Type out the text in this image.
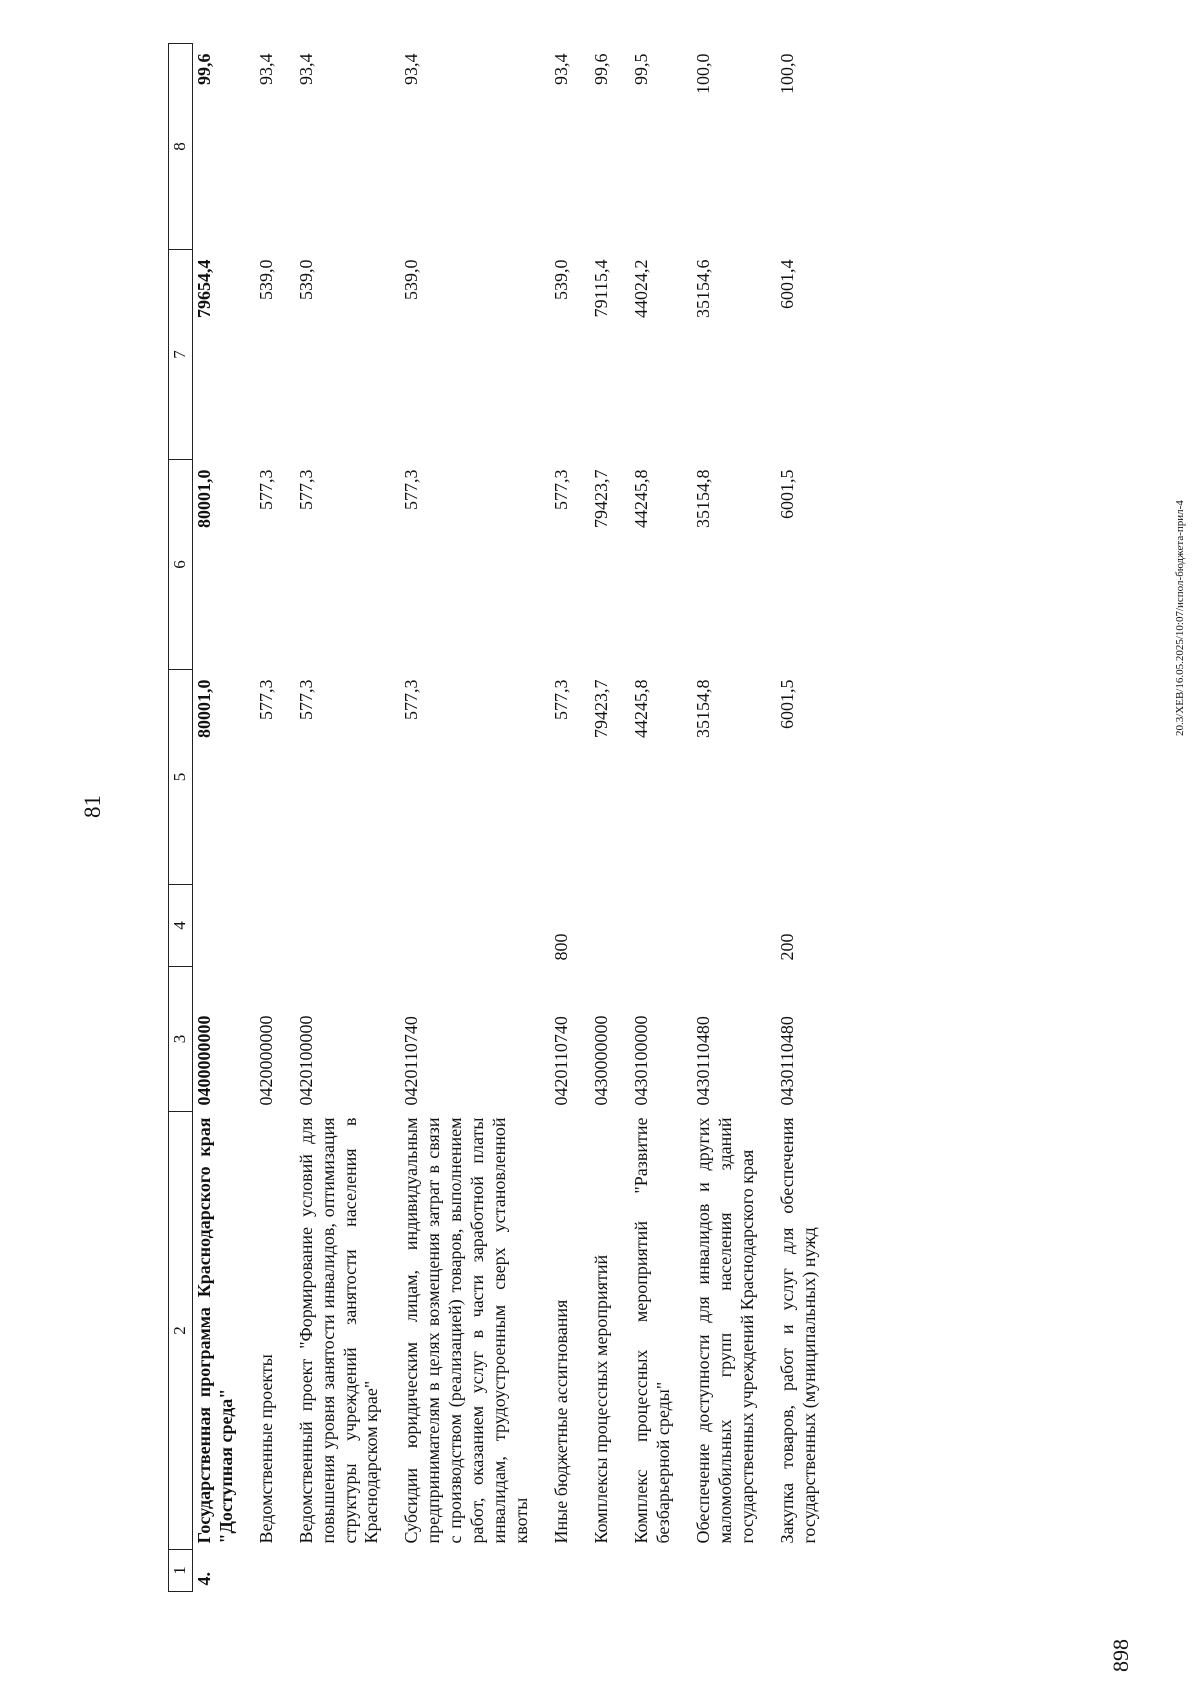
81
1	2	3	4	5	6	7	8
4.	Государственная программа Краснодарского края "Доступная среда"	0400000000		80001,0	80001,0	79654,4	99,6
	Ведомственные проекты	0420000000		577,3	577,3	539,0	93,4
	Ведомственный проект "Формирование условий для повышения уровня занятости инвалидов, оптимизация структуры учреждений занятости населения в Краснодарском крае"	0420100000		577,3	577,3	539,0	93,4
	Субсидии юридическим лицам, индивидуальным предпринимателям в целях возмещения затрат в связи с производством (реализацией) товаров, выполнением работ, оказанием услуг в части заработной платы инвалидам, трудоустроенным сверх установленной квоты	0420110740		577,3	577,3	539,0	93,4
	Иные бюджетные ассигнования	0420110740	800	577,3	577,3	539,0	93,4
	Комплексы процессных мероприятий	0430000000		79423,7	79423,7	79115,4	99,6
	Комплекс процессных мероприятий "Развитие безбарьерной среды"	0430100000		44245,8	44245,8	44024,2	99,5
	Обеспечение доступности для инвалидов и других маломобильных групп населения зданий государственных учреждений Краснодарского края	0430110480		35154,8	35154,8	35154,6	100,0
	Закупка товаров, работ и услуг для обеспечения государственных (муниципальных) нужд	0430110480	200	6001,5	6001,5	6001,4	100,0
20.3/XEB/16.05.2025/10:07/испол-бюджета-прил-4
898
